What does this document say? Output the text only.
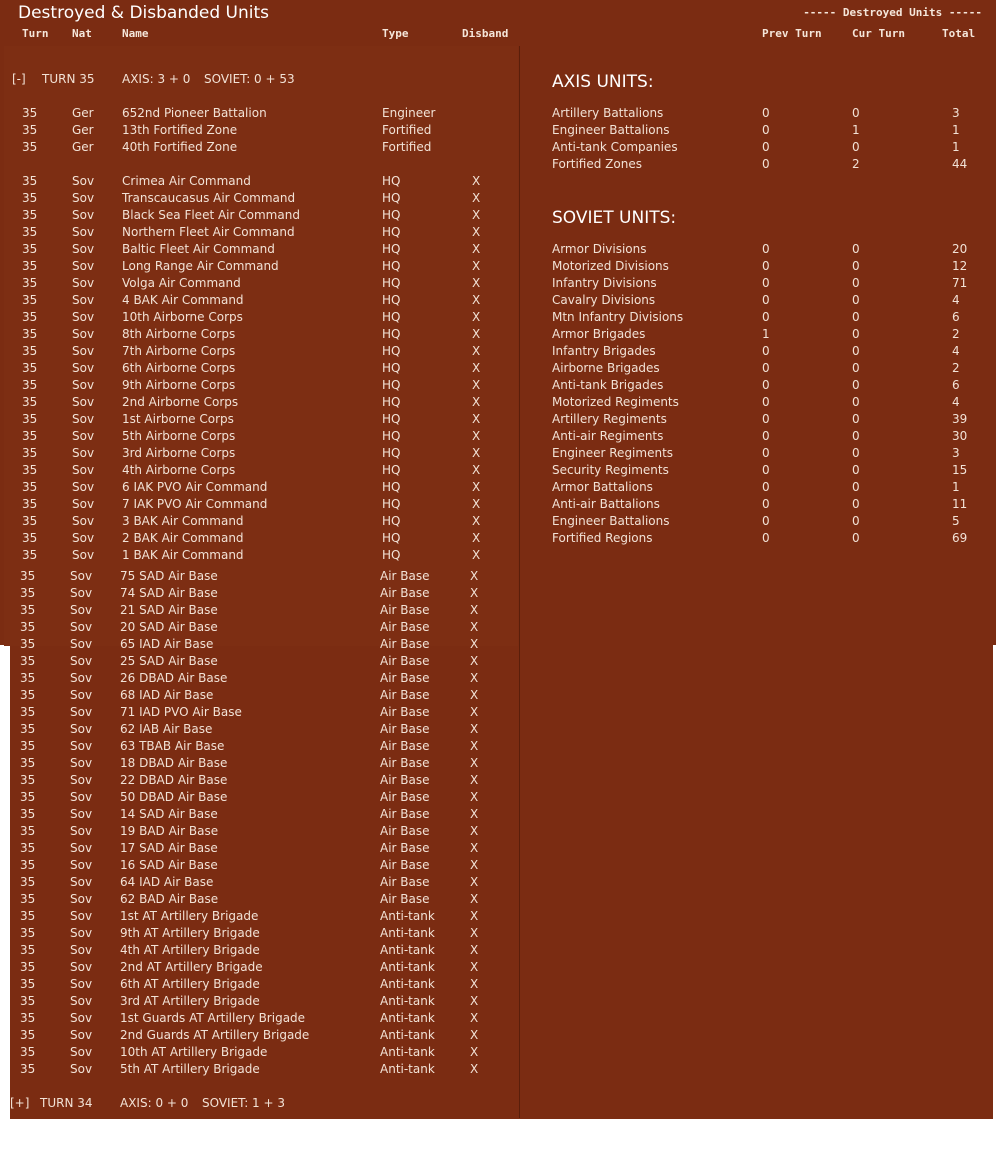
Destroyed & Disbanded Units	----- Destroyed Units -----
Turn Nat	Name	Type	Disband	Prev Turn	Cur Turn	Total
[-] TURN 35 AXIS: 3 + 0 SOVIET: 0 + 53
35	Ger 652nd Pioneer Battalion	Engineer
35	Ger 13th Fortified Zone	Fortified
35	Ger 40th Fortified Zone	Fortified
35	Sov Crimea Air Command	HQ	X
35	Sov Transcaucasus Air Command	HQ	X
35	Sov Black Sea Fleet Air Command	HQ	X
35	Sov Northern Fleet Air Command	HQ	X
35	Sov Baltic Fleet Air Command	HQ	X
35	Sov Long Range Air Command	HQ	X
35	Sov Volga Air Command	HQ	X
35	Sov 4 BAK Air Command	HQ	X
35	Sov 10th Airborne Corps	HQ	X
35	Sov 8th Airborne Corps	HQ	X
35	Sov 7th Airborne Corps	HQ	X
35	Sov 6th Airborne Corps	HQ	X
35	Sov 9th Airborne Corps	HQ	X
35	Sov 2nd Airborne Corps	HQ	X
35	Sov 1st Airborne Corps	HQ	X
35	Sov 5th Airborne Corps	HQ	X
35	Sov 3rd Airborne Corps	HQ	X
35	Sov 4th Airborne Corps	HQ	X
35	Sov 6 IAK PVO Air Command	HQ	X
35	Sov 7 IAK PVO Air Command	HQ	X
35	Sov 3 BAK Air Command	HQ	X
35	Sov 2 BAK Air Command	HQ	X
35	Sov 1 BAK Air Command	HQ	X
35	Sov 75 SAD Air Base	Air Base	X
35	Sov 74 SAD Air Base	Air Base	X
35	Sov 21 SAD Air Base	Air Base	X
35	Sov 20 SAD Air Base	Air Base	X
35	Sov 65 IAD Air Base	Air Base	X
35	Sov 25 SAD Air Base	Air Base	X
35	Sov 26 DBAD Air Base	Air Base	X
35	Sov 68 IAD Air Base	Air Base	X
35	Sov 71 IAD PVO Air Base	Air Base	X
35	Sov 62 IAB Air Base	Air Base	X
35	Sov 63 TBAB Air Base	Air Base	X
35	Sov 18 DBAD Air Base	Air Base	X
35	Sov 22 DBAD Air Base	Air Base	X
35	Sov 50 DBAD Air Base	Air Base	X
35	Sov 14 SAD Air Base	Air Base	X
35	Sov 19 BAD Air Base	Air Base	X
35	Sov 17 SAD Air Base	Air Base	X
35	Sov 16 SAD Air Base	Air Base	X
35	Sov 64 IAD Air Base	Air Base	X
35	Sov 62 BAD Air Base	Air Base	X
35	Sov 1st AT Artillery Brigade	Anti-tank	X
35	Sov 9th AT Artillery Brigade	Anti-tank	X
35	Sov 4th AT Artillery Brigade	Anti-tank	X
35	Sov 2nd AT Artillery Brigade	Anti-tank	X
35	Sov 6th AT Artillery Brigade	Anti-tank	X
35	Sov 3rd AT Artillery Brigade	Anti-tank	X
35	Sov 1st Guards AT Artillery Brigade	Anti-tank	X
35	Sov 2nd Guards AT Artillery Brigade	Anti-tank	X
35	Sov 10th AT Artillery Brigade	Anti-tank	X
35	Sov 5th AT Artillery Brigade	Anti-tank	X
[+] TURN 34 AXIS: 0 + 0 SOVIET: 1 + 3
AXIS UNITS:
Artillery Battalions	0	0	3
Engineer Battalions	0	1	1
Anti-tank Companies	0	0	1
Fortified Zones	0	2	44
SOVIET UNITS:
Armor Divisions	0	0	20
Motorized Divisions	0	0	12
Infantry Divisions	0	0	71
Cavalry Divisions	0	0	4
Mtn Infantry Divisions	0	0	6
Armor Brigades	1	0	2
Infantry Brigades	0	0	4
Airborne Brigades	0	0	2
Anti-tank Brigades	0	0	6
Motorized Regiments	0	0	4
Artillery Regiments	0	0	39
Anti-air Regiments	0	0	30
Engineer Regiments	0	0	3
Security Regiments	0	0	15
Armor Battalions	0	0	1
Anti-air Battalions	0	0	11
Engineer Battalions	0	0	5
Fortified Regions	0	0	69
